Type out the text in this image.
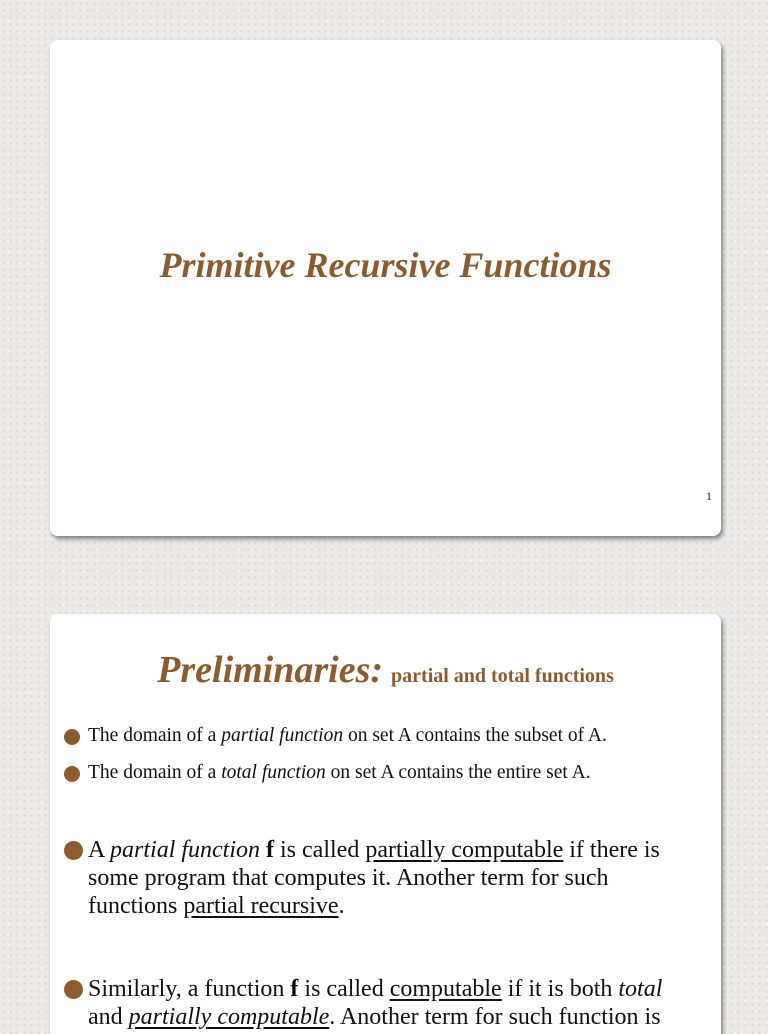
Primitive Recursive Functions
1
Preliminaries: partial and total functions
The domain of a partial function on set A contains the subset of A.
The domain of a total function on set A contains the entire set A.
A partial function f is called partially computable if there is some program that computes it. Another term for such functions partial recursive.
Similarly, a function f is called computable if it is both total and partially computable. Another term for such function is
